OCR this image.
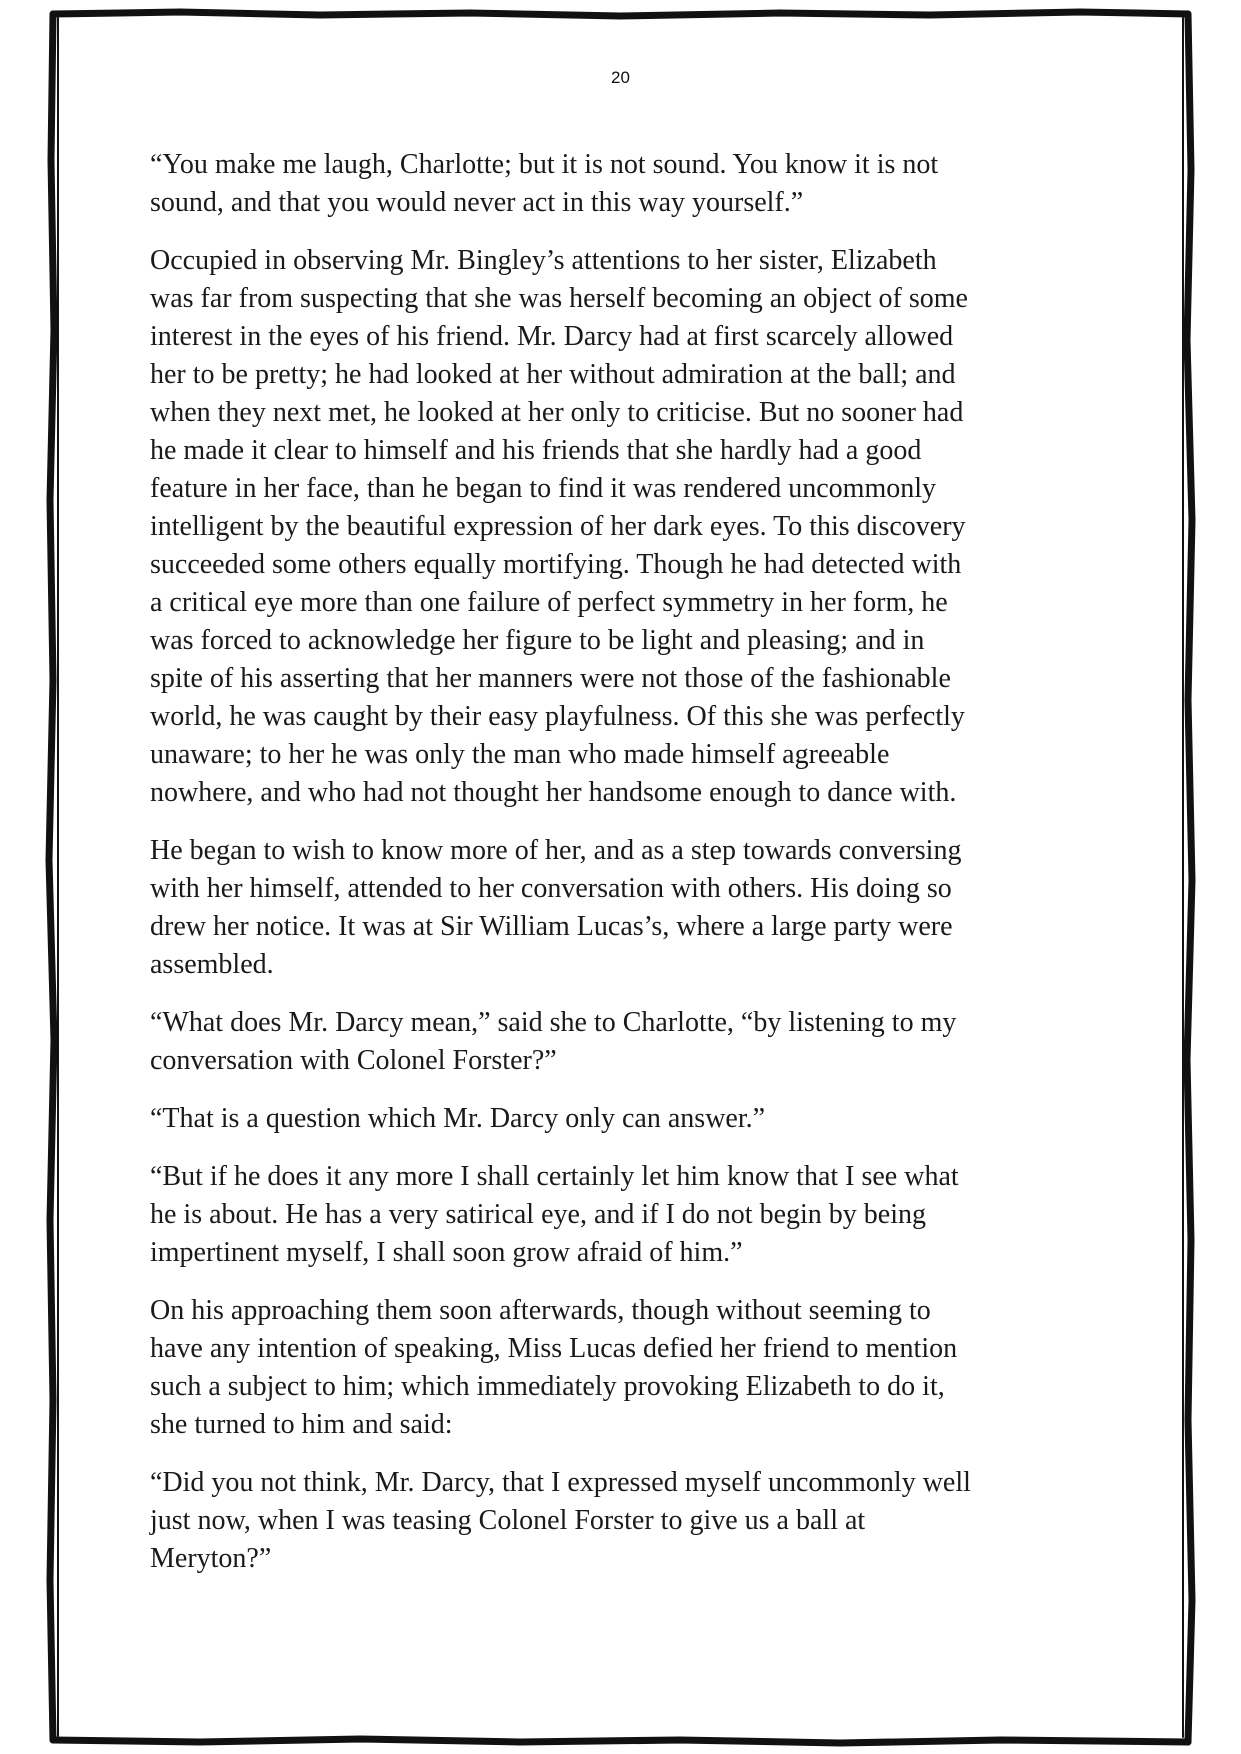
20

“You make me laugh, Charlotte; but it is not sound. You know it is not
sound, and that you would never act in this way yourself.”

Occupied in observing Mr. Bingley’s attentions to her sister, Elizabeth
was far from suspecting that she was herself becoming an object of some
interest in the eyes of his friend. Mr. Darcy had at first scarcely allowed
her to be pretty; he had looked at her without admiration at the ball; and
when they next met, he looked at her only to criticise. But no sooner had
he made it clear to himself and his friends that she hardly had a good
feature in her face, than he began to find it was rendered uncommonly
intelligent by the beautiful expression of her dark eyes. To this discovery
succeeded some others equally mortifying. Though he had detected with
a critical eye more than one failure of perfect symmetry in her form, he
was forced to acknowledge her figure to be light and pleasing; and in
spite of his asserting that her manners were not those of the fashionable
world, he was caught by their easy playfulness. Of this she was perfectly
unaware; to her he was only the man who made himself agreeable
nowhere, and who had not thought her handsome enough to dance with.

He began to wish to know more of her, and as a step towards conversing
with her himself, attended to her conversation with others. His doing so
drew her notice. It was at Sir William Lucas’s, where a large party were
assembled.

“What does Mr. Darcy mean,” said she to Charlotte, “by listening to my
conversation with Colonel Forster?”

“That is a question which Mr. Darcy only can answer.”

“But if he does it any more I shall certainly let him know that I see what
he is about. He has a very satirical eye, and if I do not begin by being
impertinent myself, I shall soon grow afraid of him.”

On his approaching them soon afterwards, though without seeming to
have any intention of speaking, Miss Lucas defied her friend to mention
such a subject to him; which immediately provoking Elizabeth to do it,
she turned to him and said:

“Did you not think, Mr. Darcy, that I expressed myself uncommonly well
just now, when I was teasing Colonel Forster to give us a ball at
Meryton?”
